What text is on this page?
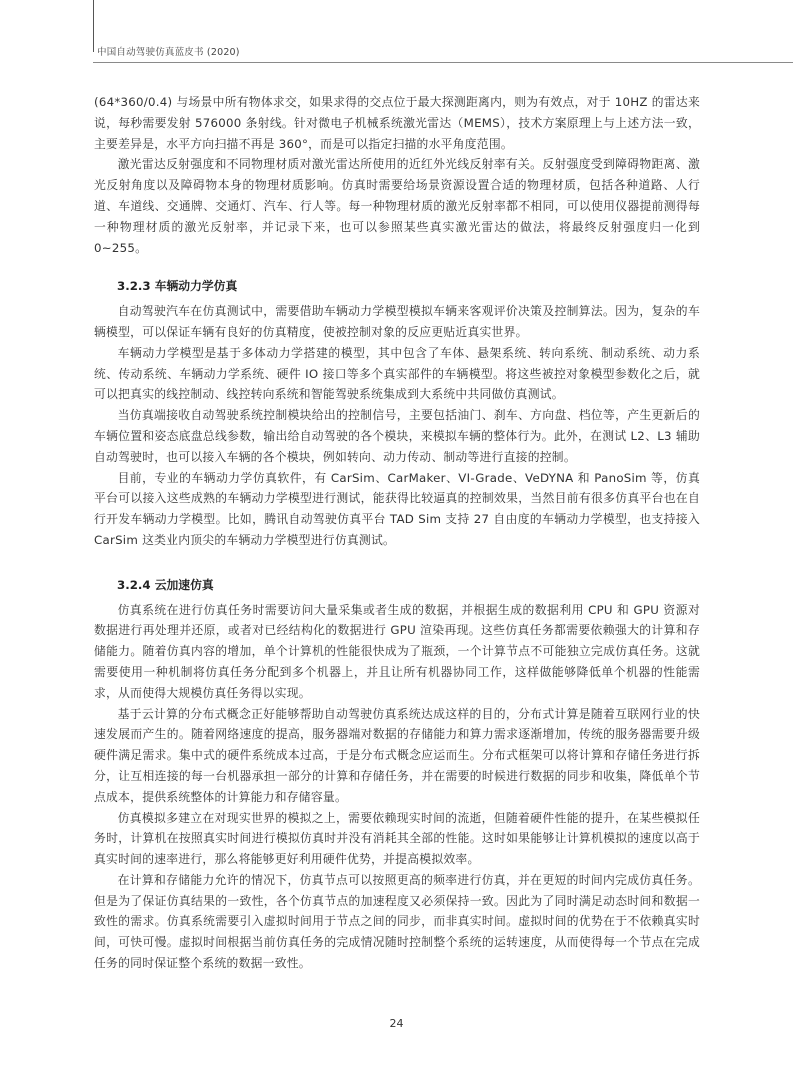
中国自动驾驶仿真蓝皮书 (2020)

(64*360/0.4) 与场景中所有物体求交，如果求得的交点位于最大探测距离内，则为有效点，对于 10HZ 的雷达来说，每秒需要发射 576000 条射线。针对微电子机械系统激光雷达（MEMS），技术方案原理上与上述方法一致，主要差异是，水平方向扫描不再是 360°，而是可以指定扫描的水平角度范围。

激光雷达反射强度和不同物理材质对激光雷达所使用的近红外光线反射率有关。反射强度受到障碍物距离、激光反射角度以及障碍物本身的物理材质影响。仿真时需要给场景资源设置合适的物理材质，包括各种道路、人行道、车道线、交通牌、交通灯、汽车、行人等。每一种物理材质的激光反射率都不相同，可以使用仪器提前测得每一种物理材质的激光反射率，并记录下来，也可以参照某些真实激光雷达的做法，将最终反射强度归一化到 0~255。

3.2.3 车辆动力学仿真

自动驾驶汽车在仿真测试中，需要借助车辆动力学模型模拟车辆来客观评价决策及控制算法。因为，复杂的车辆模型，可以保证车辆有良好的仿真精度，使被控制对象的反应更贴近真实世界。

车辆动力学模型是基于多体动力学搭建的模型，其中包含了车体、悬架系统、转向系统、制动系统、动力系统、传动系统、车辆动力学系统、硬件 IO 接口等多个真实部件的车辆模型。将这些被控对象模型参数化之后，就可以把真实的线控制动、线控转向系统和智能驾驶系统集成到大系统中共同做仿真测试。

当仿真端接收自动驾驶系统控制模块给出的控制信号，主要包括油门、刹车、方向盘、档位等，产生更新后的车辆位置和姿态底盘总线参数，输出给自动驾驶的各个模块，来模拟车辆的整体行为。此外，在测试 L2、L3 辅助自动驾驶时，也可以接入车辆的各个模块，例如转向、动力传动、制动等进行直接的控制。

目前，专业的车辆动力学仿真软件，有 CarSim、CarMaker、VI-Grade、VeDYNA 和 PanoSim 等，仿真平台可以接入这些成熟的车辆动力学模型进行测试，能获得比较逼真的控制效果，当然目前有很多仿真平台也在自行开发车辆动力学模型。比如，腾讯自动驾驶仿真平台 TAD Sim 支持 27 自由度的车辆动力学模型，也支持接入 CarSim 这类业内顶尖的车辆动力学模型进行仿真测试。

3.2.4 云加速仿真

仿真系统在进行仿真任务时需要访问大量采集或者生成的数据，并根据生成的数据利用 CPU 和 GPU 资源对数据进行再处理并还原，或者对已经结构化的数据进行 GPU 渲染再现。这些仿真任务都需要依赖强大的计算和存储能力。随着仿真内容的增加，单个计算机的性能很快成为了瓶颈，一个计算节点不可能独立完成仿真任务。这就需要使用一种机制将仿真任务分配到多个机器上，并且让所有机器协同工作，这样做能够降低单个机器的性能需求，从而使得大规模仿真任务得以实现。

基于云计算的分布式概念正好能够帮助自动驾驶仿真系统达成这样的目的，分布式计算是随着互联网行业的快速发展而产生的。随着网络速度的提高，服务器端对数据的存储能力和算力需求逐渐增加，传统的服务器需要升级硬件满足需求。集中式的硬件系统成本过高，于是分布式概念应运而生。分布式框架可以将计算和存储任务进行拆分，让互相连接的每一台机器承担一部分的计算和存储任务，并在需要的时候进行数据的同步和收集，降低单个节点成本，提供系统整体的计算能力和存储容量。

仿真模拟多建立在对现实世界的模拟之上，需要依赖现实时间的流逝，但随着硬件性能的提升，在某些模拟任务时，计算机在按照真实时间进行模拟仿真时并没有消耗其全部的性能。这时如果能够让计算机模拟的速度以高于真实时间的速率进行，那么将能够更好利用硬件优势，并提高模拟效率。

在计算和存储能力允许的情况下，仿真节点可以按照更高的频率进行仿真，并在更短的时间内完成仿真任务。但是为了保证仿真结果的一致性，各个仿真节点的加速程度又必须保持一致。因此为了同时满足动态时间和数据一致性的需求。仿真系统需要引入虚拟时间用于节点之间的同步，而非真实时间。虚拟时间的优势在于不依赖真实时间，可快可慢。虚拟时间根据当前仿真任务的完成情况随时控制整个系统的运转速度，从而使得每一个节点在完成任务的同时保证整个系统的数据一致性。

24
